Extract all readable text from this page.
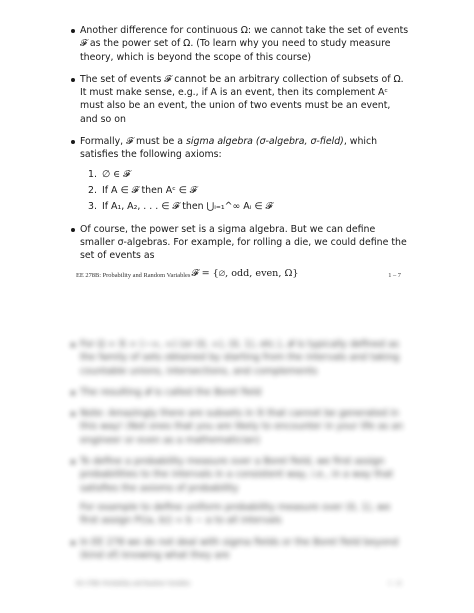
Another difference for continuous Ω: we cannot take the set of events 𝓕 as the power set of Ω. (To learn why you need to study measure theory, which is beyond the scope of this course)
The set of events 𝓕 cannot be an arbitrary collection of subsets of Ω. It must make sense, e.g., if A is an event, then its complement Aᶜ must also be an event, the union of two events must be an event, and so on
Formally, 𝓕 must be a sigma algebra (σ-algebra, σ-field), which satisfies the following axioms:
1. ∅ ∈ 𝓕
2. If A ∈ 𝓕 then Aᶜ ∈ 𝓕
3. If A₁, A₂, . . . ∈ 𝓕 then ⋃ᵢ₌₁^∞ Aᵢ ∈ 𝓕
Of course, the power set is a sigma algebra. But we can define smaller σ-algebras. For example, for rolling a die, we could define the set of events as
𝓕 = {∅, odd, even, Ω}
EE 278B: Probability and Random Variables	1 – 7
For Ω = ℝ = (−∞, ∞) (or (0, ∞), (0, 1), etc.), 𝓕 is typically defined as the family of sets obtained by starting from the intervals and taking countable unions, intersections, and complements
The resulting 𝓕 is called the Borel field
Note: Amazingly there are subsets in ℝ that cannot be generated in this way! (Not ones that you are likely to encounter in your life as an engineer or even as a mathematician)
To define a probability measure over a Borel field, we first assign probabilities to the intervals in a consistent way, i.e., in a way that satisfies the axioms of probability
For example to define uniform probability measure over (0, 1), we first assign P((a, b)) = b − a to all intervals
In EE 278 we do not deal with sigma fields or the Borel field beyond (kind of) knowing what they are
EE 278B: Probability and Random Variables	1 – 8
